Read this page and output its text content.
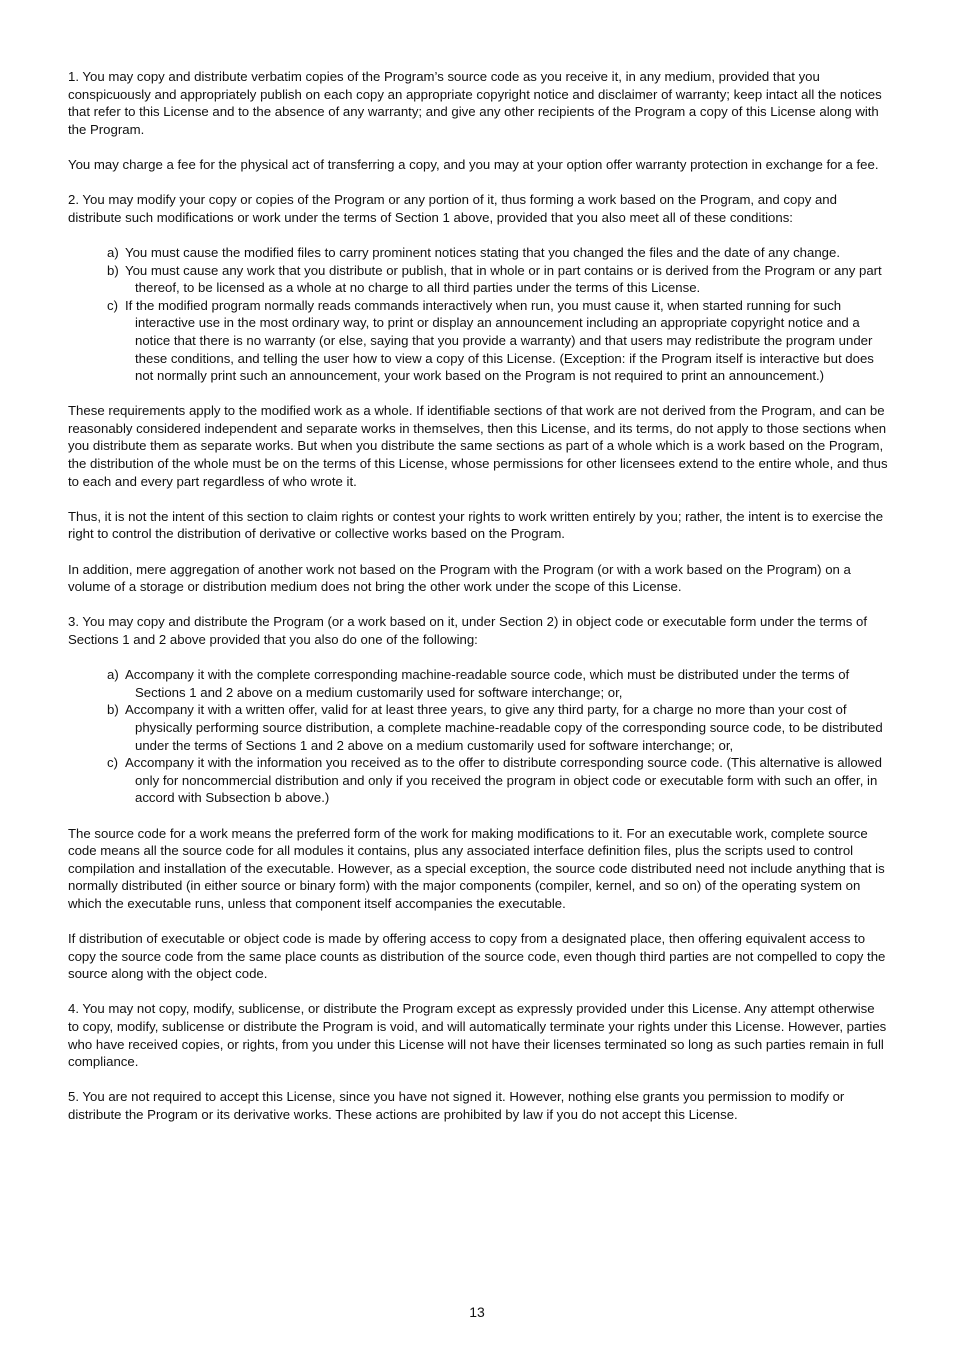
1. You may copy and distribute verbatim copies of the Program’s source code as you receive it, in any medium, provided that you conspicuously and appropriately publish on each copy an appropriate copyright notice and disclaimer of warranty; keep intact all the notices that refer to this License and to the absence of any warranty; and give any other recipients of the Program a copy of this License along with the Program.

You may charge a fee for the physical act of transferring a copy, and you may at your option offer warranty protection in exchange for a fee.

2. You may modify your copy or copies of the Program or any portion of it, thus forming a work based on the Program, and copy and distribute such modifications or work under the terms of Section 1 above, provided that you also meet all of these conditions:

a) You must cause the modified files to carry prominent notices stating that you changed the files and the date of any change.
b) You must cause any work that you distribute or publish, that in whole or in part contains or is derived from the Program or any part thereof, to be licensed as a whole at no charge to all third parties under the terms of this License.
c) If the modified program normally reads commands interactively when run, you must cause it, when started running for such interactive use in the most ordinary way, to print or display an announcement including an appropriate copyright notice and a notice that there is no warranty (or else, saying that you provide a warranty) and that users may redistribute the program under these conditions, and telling the user how to view a copy of this License. (Exception: if the Program itself is interactive but does not normally print such an announcement, your work based on the Program is not required to print an announcement.)

These requirements apply to the modified work as a whole. If identifiable sections of that work are not derived from the Program, and can be reasonably considered independent and separate works in themselves, then this License, and its terms, do not apply to those sections when you distribute them as separate works. But when you distribute the same sections as part of a whole which is a work based on the Program, the distribution of the whole must be on the terms of this License, whose permissions for other licensees extend to the entire whole, and thus to each and every part regardless of who wrote it.

Thus, it is not the intent of this section to claim rights or contest your rights to work written entirely by you; rather, the intent is to exercise the right to control the distribution of derivative or collective works based on the Program.

In addition, mere aggregation of another work not based on the Program with the Program (or with a work based on the Program) on a volume of a storage or distribution medium does not bring the other work under the scope of this License.

3. You may copy and distribute the Program (or a work based on it, under Section 2) in object code or executable form under the terms of Sections 1 and 2 above provided that you also do one of the following:

a) Accompany it with the complete corresponding machine-readable source code, which must be distributed under the terms of Sections 1 and 2 above on a medium customarily used for software interchange; or,
b) Accompany it with a written offer, valid for at least three years, to give any third party, for a charge no more than your cost of physically performing source distribution, a complete machine-readable copy of the corresponding source code, to be distributed under the terms of Sections 1 and 2 above on a medium customarily used for software interchange; or,
c) Accompany it with the information you received as to the offer to distribute corresponding source code. (This alternative is allowed only for noncommercial distribution and only if you received the program in object code or executable form with such an offer, in accord with Subsection b above.)

The source code for a work means the preferred form of the work for making modifications to it. For an executable work, complete source code means all the source code for all modules it contains, plus any associated interface definition files, plus the scripts used to control compilation and installation of the executable. However, as a special exception, the source code distributed need not include anything that is normally distributed (in either source or binary form) with the major components (compiler, kernel, and so on) of the operating system on which the executable runs, unless that component itself accompanies the executable.

If distribution of executable or object code is made by offering access to copy from a designated place, then offering equivalent access to copy the source code from the same place counts as distribution of the source code, even though third parties are not compelled to copy the source along with the object code.

4. You may not copy, modify, sublicense, or distribute the Program except as expressly provided under this License. Any attempt otherwise to copy, modify, sublicense or distribute the Program is void, and will automatically terminate your rights under this License. However, parties who have received copies, or rights, from you under this License will not have their licenses terminated so long as such parties remain in full compliance.

5. You are not required to accept this License, since you have not signed it. However, nothing else grants you permission to modify or distribute the Program or its derivative works. These actions are prohibited by law if you do not accept this License.

13
